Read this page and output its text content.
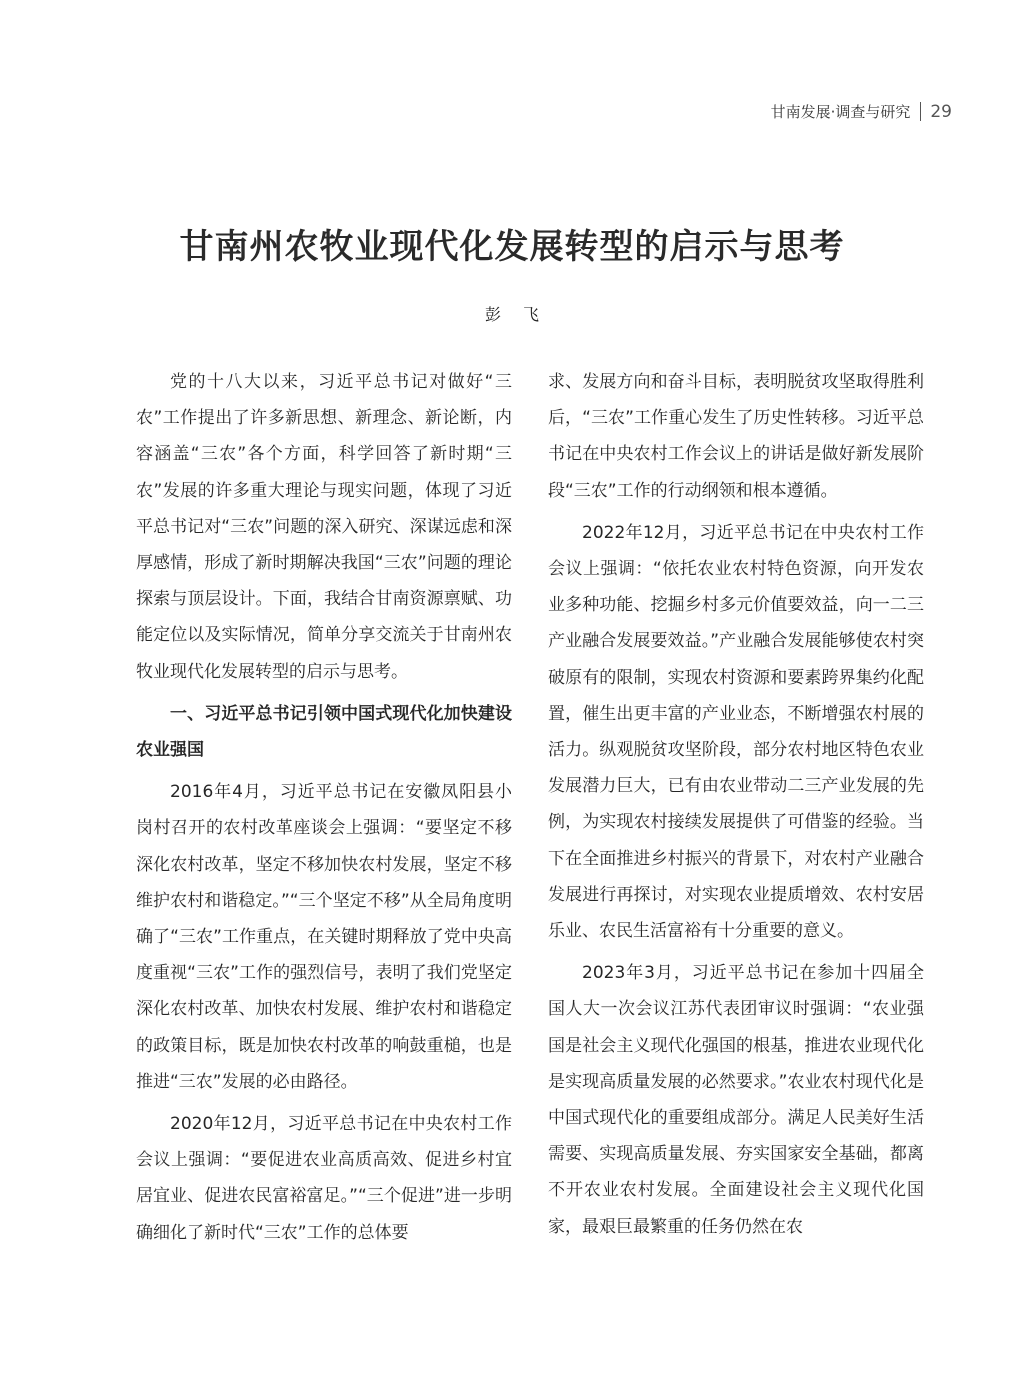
甘南发展·调查与研究 29
甘南州农牧业现代化发展转型的启示与思考
彭飞

党的十八大以来，习近平总书记对做好“三农”工作提出了许多新思想、新理念、新论断，内容涵盖“三农”各个方面，科学回答了新时期“三农”发展的许多重大理论与现实问题，体现了习近平总书记对“三农”问题的深入研究、深谋远虑和深厚感情，形成了新时期解决我国“三农”问题的理论探索与顶层设计。下面，我结合甘南资源禀赋、功能定位以及实际情况，简单分享交流关于甘南州农牧业现代化发展转型的启示与思考。

一、习近平总书记引领中国式现代化加快建设农业强国

2016年4月，习近平总书记在安徽凤阳县小岗村召开的农村改革座谈会上强调：“要坚定不移深化农村改革，坚定不移加快农村发展，坚定不移维护农村和谐稳定。”“三个坚定不移”从全局角度明确了“三农”工作重点，在关键时期释放了党中央高度重视“三农”工作的强烈信号，表明了我们党坚定深化农村改革、加快农村发展、维护农村和谐稳定的政策目标，既是加快农村改革的响鼓重槌，也是推进“三农”发展的必由路径。

2020年12月，习近平总书记在中央农村工作会议上强调：“要促进农业高质高效、促进乡村宜居宜业、促进农民富裕富足。”“三个促进”进一步明确细化了新时代“三农”工作的总体要

求、发展方向和奋斗目标，表明脱贫攻坚取得胜利后，“三农”工作重心发生了历史性转移。习近平总书记在中央农村工作会议上的讲话是做好新发展阶段“三农”工作的行动纲领和根本遵循。

2022年12月，习近平总书记在中央农村工作会议上强调：“依托农业农村特色资源，向开发农业多种功能、挖掘乡村多元价值要效益，向一二三产业融合发展要效益。”产业融合发展能够使农村突破原有的限制，实现农村资源和要素跨界集约化配置，催生出更丰富的产业业态，不断增强农村展的活力。纵观脱贫攻坚阶段，部分农村地区特色农业发展潜力巨大，已有由农业带动二三产业发展的先例，为实现农村接续发展提供了可借鉴的经验。当下在全面推进乡村振兴的背景下，对农村产业融合发展进行再探讨，对实现农业提质增效、农村安居乐业、农民生活富裕有十分重要的意义。

2023年3月，习近平总书记在参加十四届全国人大一次会议江苏代表团审议时强调：“农业强国是社会主义现代化强国的根基，推进农业现代化是实现高质量发展的必然要求。”农业农村现代化是中国式现代化的重要组成部分。满足人民美好生活需要、实现高质量发展、夯实国家安全基础，都离不开农业农村发展。全面建设社会主义现代化国家，最艰巨最繁重的任务仍然在农
